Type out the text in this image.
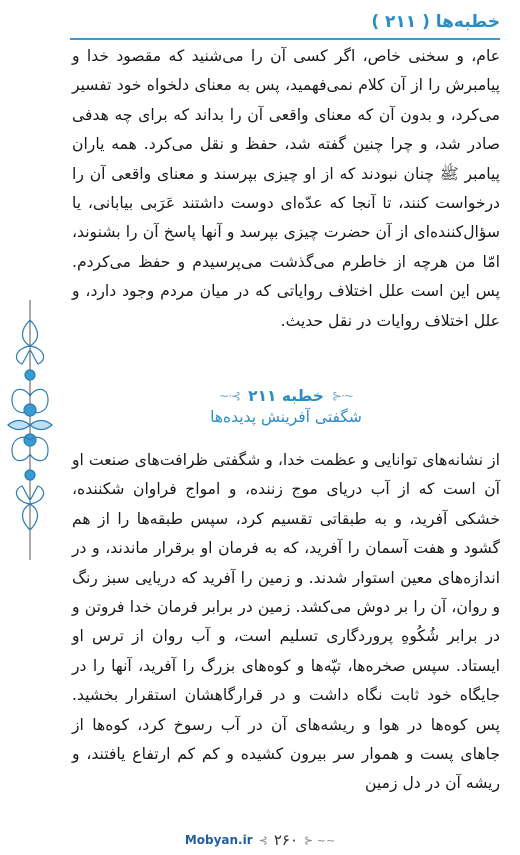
خطبه‌ها ( ۲۱۱ )

عام، و سخنی خاص، اگر کسی آن را می‌شنید که مقصود خدا و پیامبرش را از آن کلام نمی‌فهمید، پس به معنای دلخواه خود تفسیر می‌کرد، و بدون آن که معنای واقعی آن را بداند که برای چه هدفی صادر شد، و چرا چنین گفته شد، حفظ و نقل می‌کرد. همه یاران پیامبر ﷺ چنان نبودند که از او چیزی بپرسند و معنای واقعی آن را درخواست کنند، تا آنجا که عدّه‌ای دوست داشتند عَرَبی بیابانی، یا سؤال‌کننده‌ای از آن حضرت چیزی بپرسد و آنها پاسخ آن را بشنوند، امّا من هرچه از خاطرم می‌گذشت می‌پرسیدم و حفظ می‌کردم. پس این است علل اختلاف روایاتی که در میان مردم وجود دارد، و علل اختلاف روایات در نقل حدیث.

~·⊰
خطبه ۲۱۱
⊱·~
شگفتی آفرینش پدیده‌ها

از نشانه‌های توانایی و عظمت خدا، و شگفتی ظرافت‌های صنعت او آن است که از آب دریای موج زننده، و امواج فراوان شکننده، خشکی آفرید، و به طبقاتی تقسیم کرد، سپس طبقه‌ها را از هم گشود و هفت آسمان را آفرید، که به فرمان او برقرار ماندند، و در اندازه‌های معین استوار شدند. و زمین را آفرید که دریایی سبز رنگ و روان، آن را بر دوش می‌کشد. زمین در برابر فرمان خدا فروتن و در برابر شُکُوهِ پروردگاری تسلیم است، و آب روان از ترس او ایستاد. سپس صخره‌ها، تپّه‌ها و کوه‌های بزرگ را آفرید، آنها را در جایگاه خود ثابت نگاه داشت و در قرارگاهشان استقرار بخشید. پس کوه‌ها در هوا و ریشه‌های آن در آب رسوخ کرد، کوه‌ها از جاهای پست و هموار سر بیرون کشیده و کم کم ارتفاع یافتند، و ریشه آن در دل زمین

Mobyan.ir ⊰ ۲۶۰ ⊱ ~~
